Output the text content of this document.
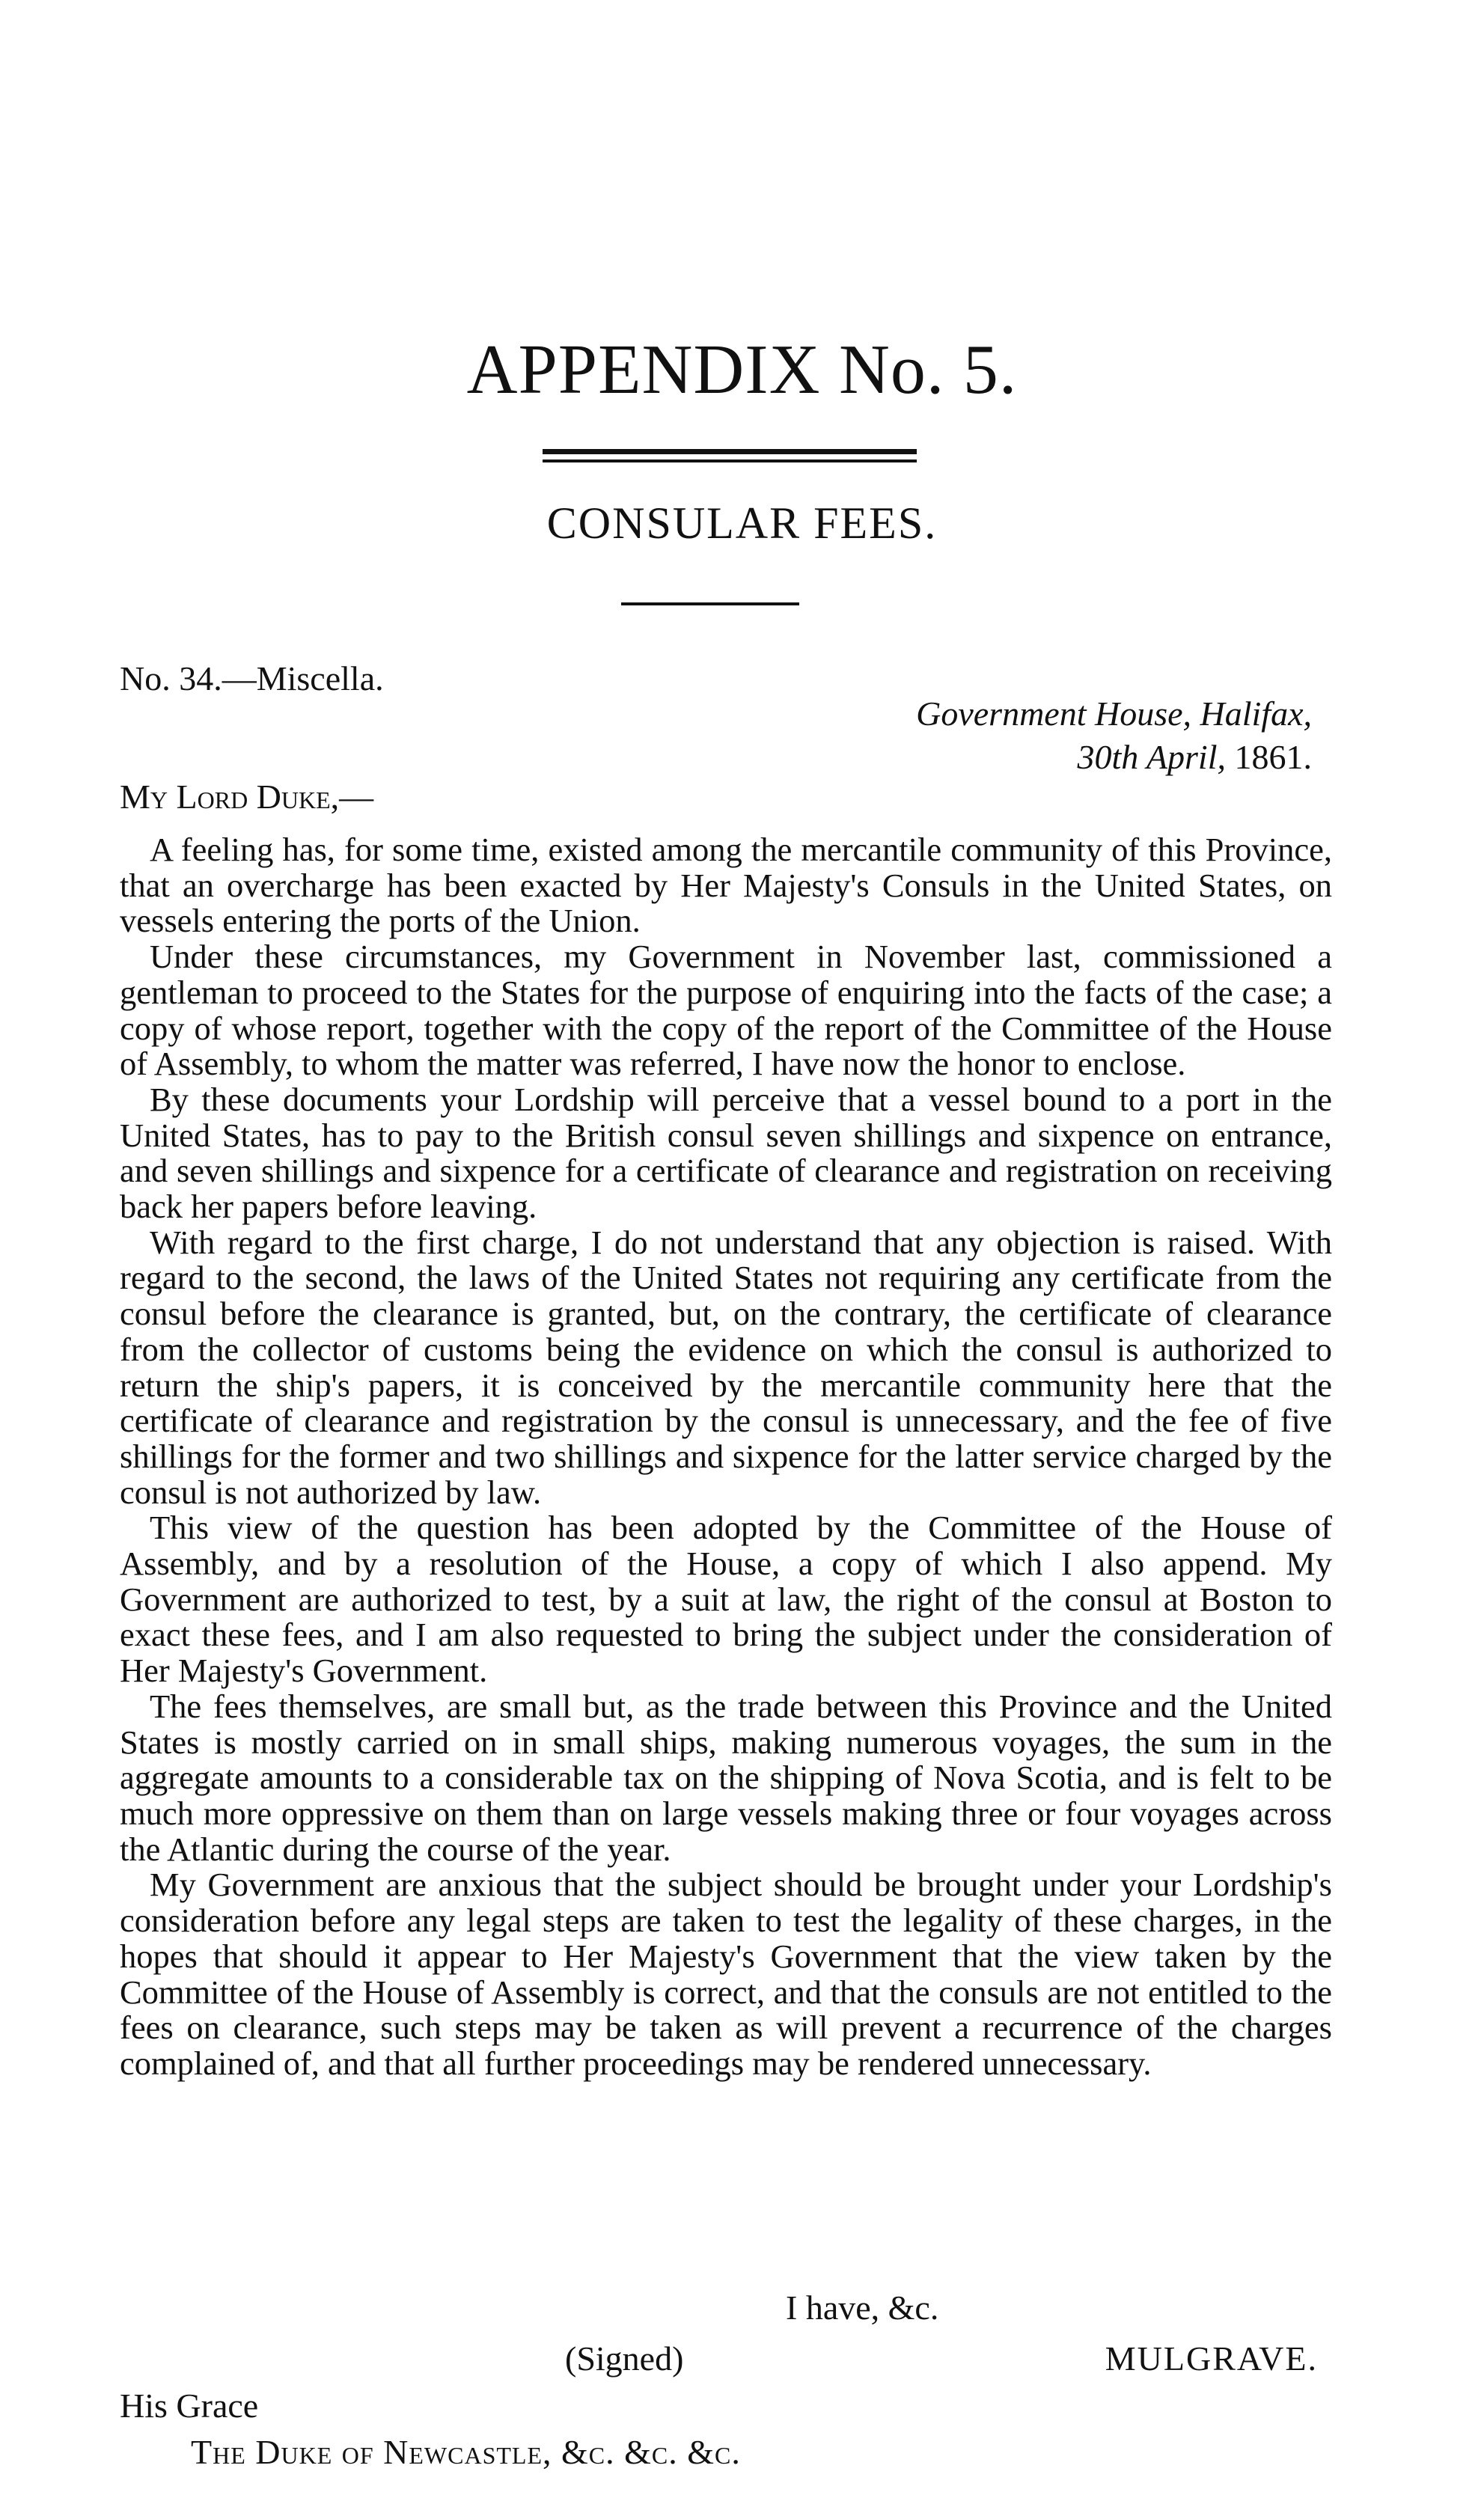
APPENDIX No. 5.
CONSULAR FEES.
No. 34.—Miscella.
Government House, Halifax,
30th April, 1861.
My Lord Duke,—

A feeling has, for some time, existed among the mercantile community of this Province, that an overcharge has been exacted by Her Majesty's Consuls in the United States, on vessels entering the ports of the Union.

Under these circumstances, my Government in November last, commissioned a gentleman to proceed to the States for the purpose of enquiring into the facts of the case; a copy of whose report, together with the copy of the report of the Committee of the House of Assembly, to whom the matter was referred, I have now the honor to enclose.

By these documents your Lordship will perceive that a vessel bound to a port in the United States, has to pay to the British consul seven shillings and sixpence on entrance, and seven shillings and sixpence for a certificate of clearance and registration on receiving back her papers before leaving.

With regard to the first charge, I do not understand that any objection is raised. With regard to the second, the laws of the United States not requiring any certificate from the consul before the clearance is granted, but, on the contrary, the certificate of clearance from the collector of customs being the evidence on which the consul is authorized to return the ship's papers, it is conceived by the mercantile community here that the certificate of clearance and registration by the consul is unnecessary, and the fee of five shillings for the former and two shillings and sixpence for the latter service charged by the consul is not authorized by law.

This view of the question has been adopted by the Committee of the House of Assembly, and by a resolution of the House, a copy of which I also append. My Government are authorized to test, by a suit at law, the right of the consul at Boston to exact these fees, and I am also requested to bring the subject under the consideration of Her Majesty's Government.

The fees themselves, are small but, as the trade between this Province and the United States is mostly carried on in small ships, making numerous voyages, the sum in the aggregate amounts to a considerable tax on the shipping of Nova Scotia, and is felt to be much more oppressive on them than on large vessels making three or four voyages across the Atlantic during the course of the year.

My Government are anxious that the subject should be brought under your Lordship's consideration before any legal steps are taken to test the legality of these charges, in the hopes that should it appear to Her Majesty's Government that the view taken by the Committee of the House of Assembly is correct, and that the consuls are not entitled to the fees on clearance, such steps may be taken as will prevent a recurrence of the charges complained of, and that all further proceedings may be rendered unnecessary.

I have, &c.
(Signed)	MULGRAVE.
His Grace
The Duke of Newcastle, &c. &c. &c.
